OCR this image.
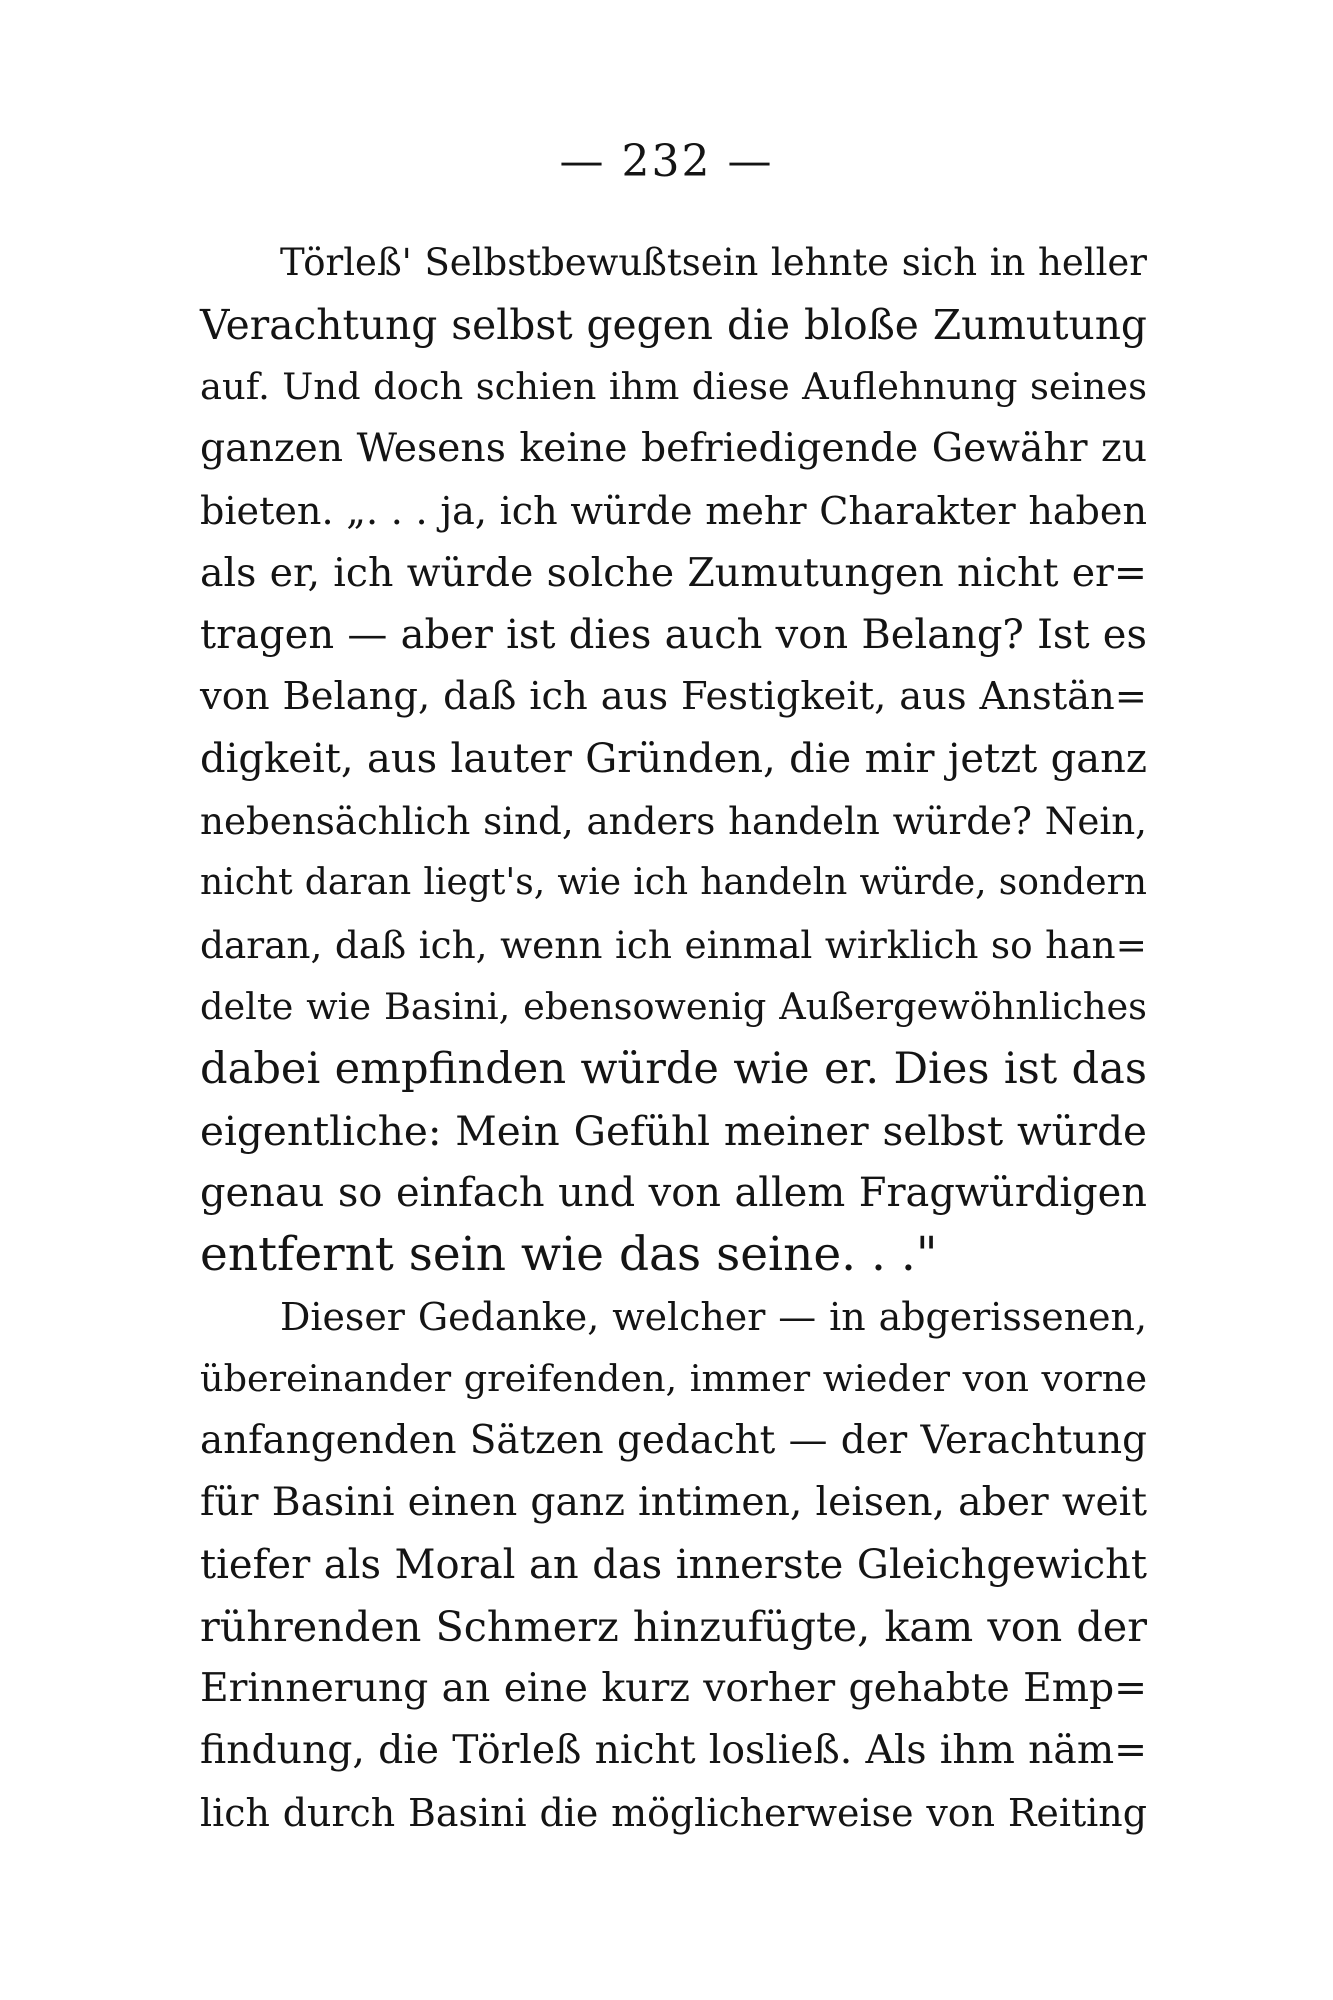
— 232 —
Törleß' Selbstbewußtsein lehnte sich in heller
Verachtung selbst gegen die bloße Zumutung
auf. Und doch schien ihm diese Auflehnung seines
ganzen Wesens keine befriedigende Gewähr zu
bieten. „. . . ja, ich würde mehr Charakter haben
als er, ich würde solche Zumutungen nicht er=
tragen — aber ist dies auch von Belang? Ist es
von Belang, daß ich aus Festigkeit, aus Anstän=
digkeit, aus lauter Gründen, die mir jetzt ganz
nebensächlich sind, anders handeln würde? Nein,
nicht daran liegt's, wie ich handeln würde, sondern
daran, daß ich, wenn ich einmal wirklich so han=
delte wie Basini, ebensowenig Außergewöhnliches
dabei empfinden würde wie er. Dies ist das
eigentliche: Mein Gefühl meiner selbst würde
genau so einfach und von allem Fragwürdigen
entfernt sein wie das seine. . ."
Dieser Gedanke, welcher — in abgerissenen,
übereinander greifenden, immer wieder von vorne
anfangenden Sätzen gedacht — der Verachtung
für Basini einen ganz intimen, leisen, aber weit
tiefer als Moral an das innerste Gleichgewicht
rührenden Schmerz hinzufügte, kam von der
Erinnerung an eine kurz vorher gehabte Emp=
findung, die Törleß nicht losließ. Als ihm näm=
lich durch Basini die möglicherweise von Reiting
